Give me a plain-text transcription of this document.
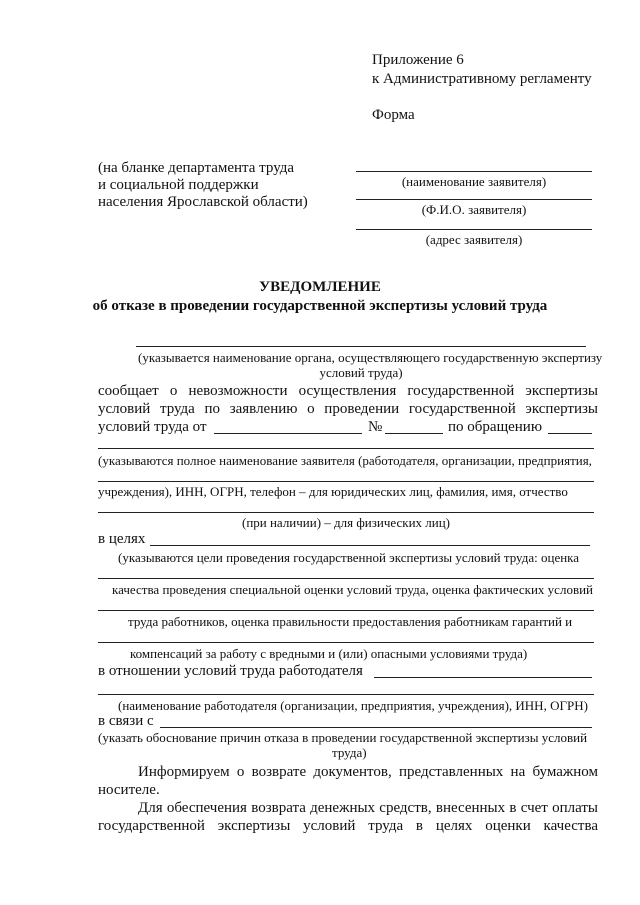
Приложение 6
к Административному регламенту
Форма
(на бланке департамента труда
и социальной поддержки
населения Ярославской области)
(наименование заявителя)
(Ф.И.О. заявителя)
(адрес заявителя)
УВЕДОМЛЕНИЕ
об отказе в проведении государственной экспертизы условий труда
(указывается наименование органа, осуществляющего государственную экспертизу
условий труда)
сообщает о невозможности осуществления государственной экспертизы
условий труда по заявлению о проведении государственной экспертизы
условий труда от	№	по обращению
(указываются полное наименование заявителя (работодателя, организации, предприятия,
учреждения), ИНН, ОГРН, телефон – для юридических лиц, фамилия, имя, отчество
(при наличии) – для физических лиц)
в целях
(указываются цели проведения государственной экспертизы условий труда: оценка
качества проведения специальной оценки условий труда, оценка фактических условий
труда работников, оценка правильности предоставления работникам гарантий и
компенсаций за работу с вредными и (или) опасными условиями труда)
в отношении условий труда работодателя
(наименование работодателя (организации, предприятия, учреждения), ИНН, ОГРН)
в связи с
(указать обоснование причин отказа в проведении государственной экспертизы условий
труда)
Информируем о возврате документов, представленных на бумажном
носителе.
Для обеспечения возврата денежных средств, внесенных в счет оплаты
государственной экспертизы условий труда в целях оценки качества
